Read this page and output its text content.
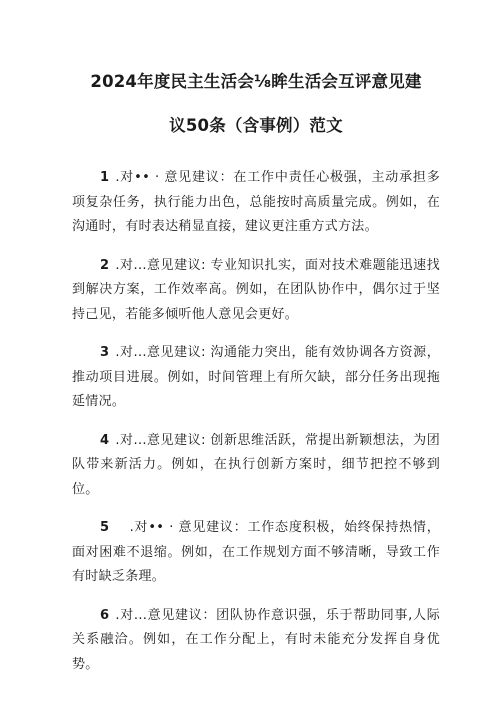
2024年度民主生活会⅛眸生活会互评意见建
议50条（含事例）范文

1 .对•• · 意见建议：在工作中责任心极强，主动承担多项复杂任务，执行能力出色，总能按时高质量完成。例如，在沟通时，有时表达稍显直接，建议更注重方式方法。

2 .对...意见建议: 专业知识扎实，面对技术难题能迅速找到解决方案，工作效率高。例如，在团队协作中，偶尔过于坚持己见，若能多倾听他人意见会更好。

3 .对...意见建议: 沟通能力突出，能有效协调各方资源，推动项目进展。例如，时间管理上有所欠缺，部分任务出现拖延情况。

4 .对...意见建议: 创新思维活跃，常提出新颖想法，为团队带来新活力。例如，在执行创新方案时，细节把控不够到位。

5　.对•• · 意见建议：工作态度积极，始终保持热情，面对困难不退缩。例如，在工作规划方面不够清晰，导致工作有时缺乏条理。

6 .对...意见建议：团队协作意识强，乐于帮助同事,人际关系融洽。例如，在工作分配上，有时未能充分发挥自身优势。
